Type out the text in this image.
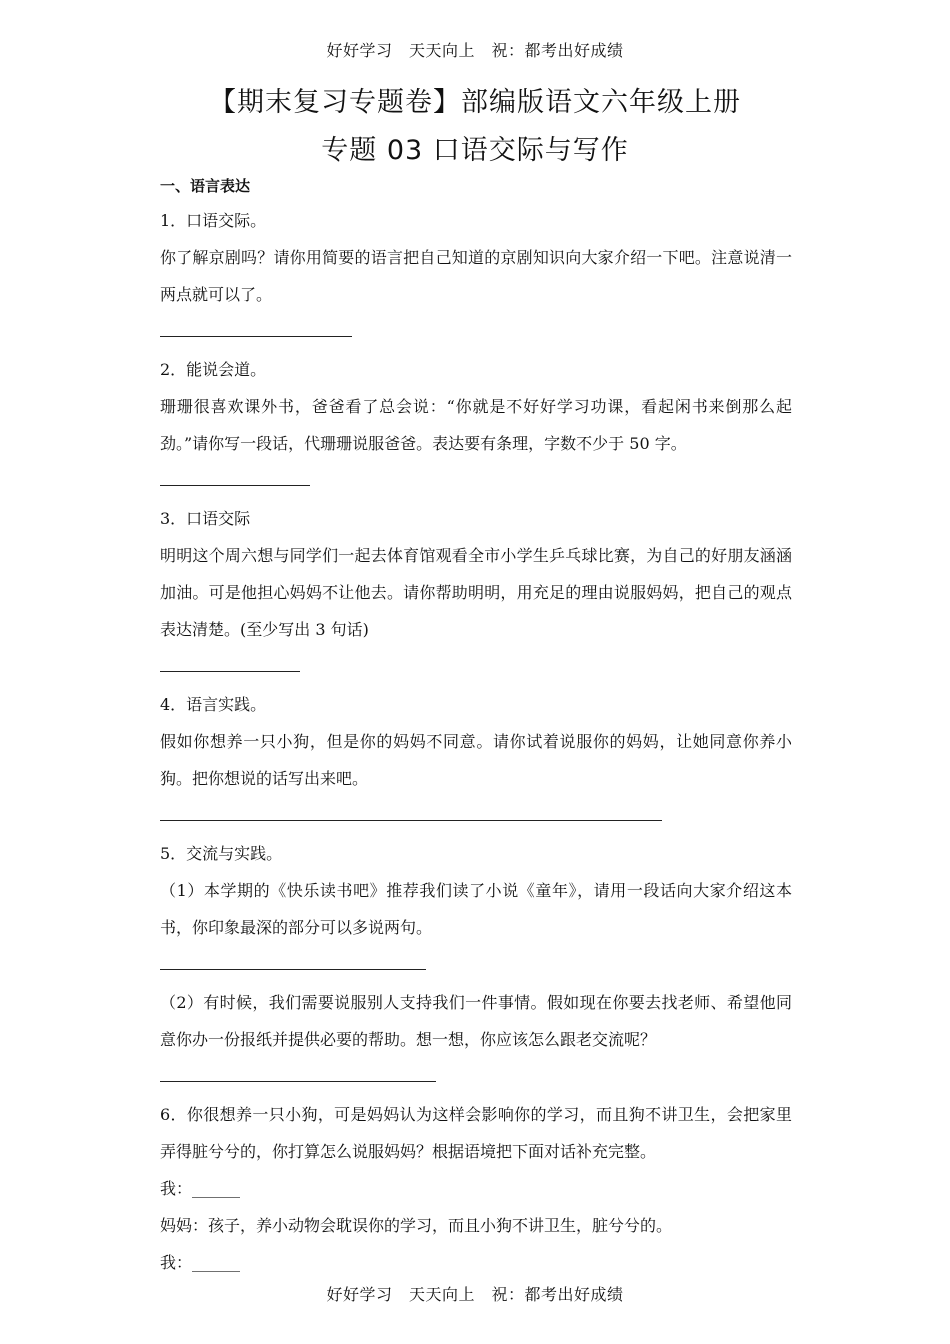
好好学习　天天向上　祝：都考出好成绩
【期末复习专题卷】部编版语文六年级上册
专题 03 口语交际与写作
一、语言表达

1．口语交际。

你了解京剧吗？请你用简要的语言把自己知道的京剧知识向大家介绍一下吧。注意说清一两点就可以了。

2．能说会道。

珊珊很喜欢课外书，爸爸看了总会说：“你就是不好好学习功课，看起闲书来倒那么起劲。”请你写一段话，代珊珊说服爸爸。表达要有条理，字数不少于 50 字。

3．口语交际

明明这个周六想与同学们一起去体育馆观看全市小学生乒乓球比赛，为自己的好朋友涵涵加油。可是他担心妈妈不让他去。请你帮助明明，用充足的理由说服妈妈，把自己的观点表达清楚。(至少写出 3 句话)

4．语言实践。

假如你想养一只小狗，但是你的妈妈不同意。请你试着说服你的妈妈，让她同意你养小狗。把你想说的话写出来吧。

5．交流与实践。

（1）本学期的《快乐读书吧》推荐我们读了小说《童年》，请用一段话向大家介绍这本书，你印象最深的部分可以多说两句。

（2）有时候，我们需要说服别人支持我们一件事情。假如现在你要去找老师、希望他同意你办一份报纸并提供必要的帮助。想一想，你应该怎么跟老交流呢？

6．你很想养一只小狗，可是妈妈认为这样会影响你的学习，而且狗不讲卫生，会把家里弄得脏兮兮的，你打算怎么说服妈妈？根据语境把下面对话补充完整。

我：______

妈妈：孩子，养小动物会耽误你的学习，而且小狗不讲卫生，脏兮兮的。

我：______

好好学习　天天向上　祝：都考出好成绩
